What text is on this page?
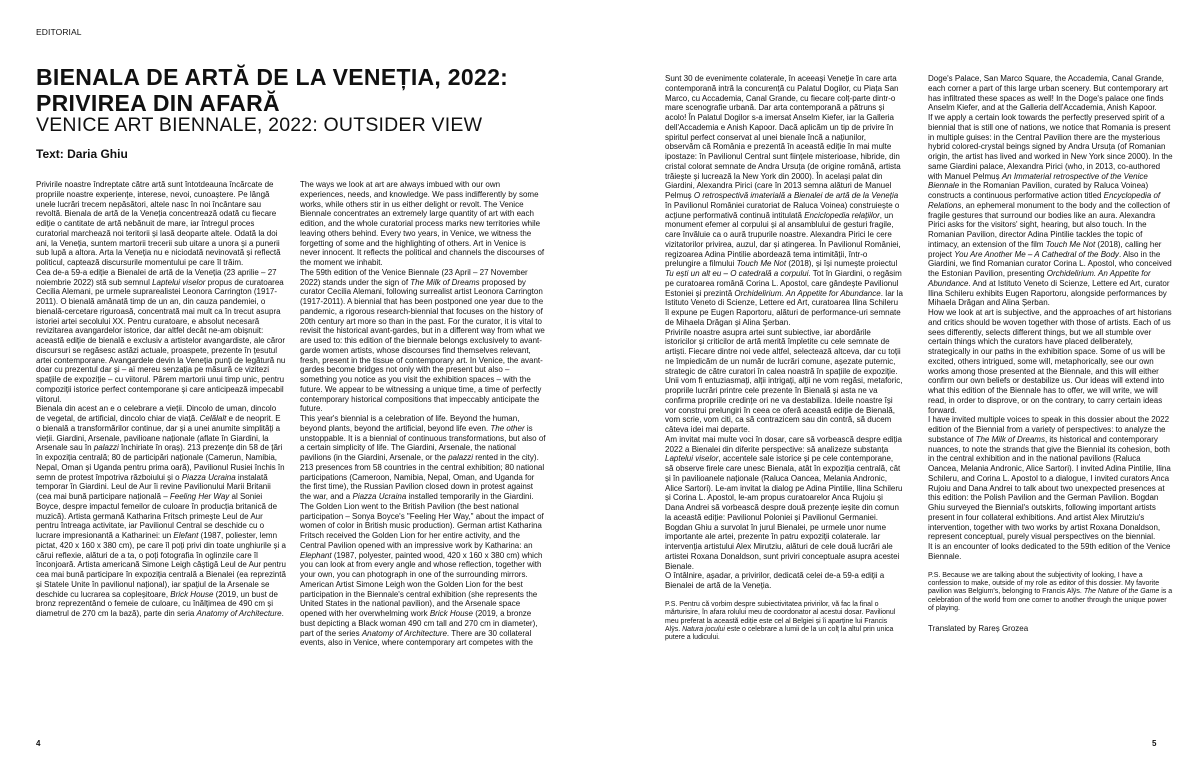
EDITORIAL
BIENALA DE ARTĂ DE LA VENEȚIA, 2022: PRIVIREA DIN AFARĂ
VENICE ART BIENNALE, 2022: OUTSIDER VIEW
Text: Daria Ghiu

Privirile noastre îndreptate către artă sunt întotdeauna încărcate de propriile noastre experiențe, interese, nevoi, cunoaștere. Pe lângă unele lucrări trecem nepăsători, altele nasc în noi încântare sau revoltă. Bienala de artă de la Veneția concentrează odată cu fiecare ediție o cantitate de artă nebănuit de mare, iar întregul proces curatorial marchează noi teritorii și lasă deoparte altele. Odată la doi ani, la Veneția, suntem martorii trecerii sub uitare a unora și a punerii sub lupă a altora. Arta la Veneția nu e niciodată nevinovată și reflectă politicul, captează discursurile momentului pe care îl trăim.

Cea de-a 59-a ediție a Bienalei de artă de la Veneția (23 aprilie – 27 noiembrie 2022) stă sub semnul Laptelui viselor propus de curatoarea Cecilia Alemani, pe urmele suprarealistei Leonora Carrington (1917-2011). O bienală amânată timp de un an, din cauza pandemiei, o bienală-cercetare riguroasă, concentrată mai mult ca în trecut asupra istoriei artei secolului XX. Pentru curatoare, e absolut necesară revizitarea avangardelor istorice, dar altfel decât ne-am obișnuit: această ediție de bienală e exclusiv a artistelor avangardiste, ale căror discursuri se regăsesc astăzi actuale, proaspete, prezente în țesutul artei contemporane. Avangardele devin la Veneția punți de legătură nu doar cu prezentul dar și – aï mereu senzația pe măsură ce vizitezi spațiile de expoziție – cu viitorul. Părem martorii unui timp unic, pentru compoziții istorice perfect contemporane și care anticipează impecabil viitorul.

Bienala din acest an e o celebrare a vieții. Dincolo de uman, dincolo de vegetal, de artificial, dincolo chiar de viață. Celălalt e de neoprit. E o bienală a transformărilor continue, dar și a unei anumite simplități a vieții. Giardini, Arsenale, pavilioane naționale (aflate în Giardini, la Arsenale sau în palazzi închiriate în oraș). 213 prezențe din 58 de țări în expoziția centrală; 80 de participări naționale (Camerun, Namibia, Nepal, Oman și Uganda pentru prima oară), Pavilionul Rusiei închis în semn de protest împotriva războiului și o Piazza Ucraina instalată temporar în Giardini. Leul de Aur îi revine Pavilionului Marii Britanii (cea mai bună participare națională – Feeling Her Way al Soniei Boyce, despre impactul femeilor de culoare în producția britanică de muzică). Artista germană Katharina Fritsch primește Leul de Aur pentru întreaga activitate, iar Pavilionul Central se deschide cu o lucrare impresionantă a Katharinei: un Elefant (1987, poliester, lemn pictat, 420 x 160 x 380 cm), pe care îl poți privi din toate unghiurile și a cărui reflexie, alături de a ta, o poți fotografia în oglinzile care îl înconjoară. Artista americană Simone Leigh câștigă Leul de Aur pentru cea mai bună participare în expoziția centrală a Bienalei (ea reprezintă și Statele Unite în pavilionul național), iar spațiul de la Arsenale se deschide cu lucrarea sa copleșitoare, Brick House (2019, un bust de bronz reprezentând o femeie de culoare, cu înălțimea de 490 cm și diametrul de 270 cm la bază), parte din seria Anatomy of Architecture.

The ways we look at art are always imbued with our own experiences, needs, and knowledge. We pass indifferently by some works, while others stir in us either delight or revolt. The Venice Biennale concentrates an extremely large quantity of art with each edition, and the whole curatorial process marks new territories while leaving others behind. Every two years, in Venice, we witness the forgetting of some and the highlighting of others. Art in Venice is never innocent. It reflects the political and channels the discourses of the moment we inhabit.

The 59th edition of the Venice Biennale (23 April – 27 November 2022) stands under the sign of The Milk of Dreams proposed by curator Cecilia Alemani, following surrealist artist Leonora Carrington (1917-2011). A biennial that has been postponed one year due to the pandemic, a rigorous research-biennial that focuses on the history of 20th century art more so than in the past. For the curator, it is vital to revisit the historical avant-gardes, but in a different way from what we are used to: this edition of the biennale belongs exclusively to avant-garde women artists, whose discourses find themselves relevant, fresh, present in the tissue of contemporary art. In Venice, the avant-gardes become bridges not only with the present but also – something you notice as you visit the exhibition spaces – with the future. We appear to be witnessing a unique time, a time of perfectly contemporary historical compositions that impeccably anticipate the future.

This year's biennial is a celebration of life. Beyond the human, beyond plants, beyond the artificial, beyond life even. The other is unstoppable. It is a biennial of continuous transformations, but also of a certain simplicity of life. The Giardini, Arsenale, the national pavilions (in the Giardini, Arsenale, or the palazzi rented in the city). 213 presences from 58 countries in the central exhibition; 80 national participations (Cameroon, Namibia, Nepal, Oman, and Uganda for the first time), the Russian Pavilion closed down in protest against the war, and a Piazza Ucraina installed temporarily in the Giardini. The Golden Lion went to the British Pavilion (the best national participation – Sonya Boyce's "Feeling Her Way," about the impact of women of color in British music production). German artist Katharina Fritsch received the Golden Lion for her entire activity, and the Central Pavilion opened with an impressive work by Katharina: an Elephant (1987, polyester, painted wood, 420 x 160 x 380 cm) which you can look at from every angle and whose reflection, together with your own, you can photograph in one of the surrounding mirrors. American Artist Simone Leigh won the Golden Lion for the best participation in the Biennale's central exhibition (she represents the United States in the national pavilion), and the Arsenale space opened with her overwhelming work Brick House (2019, a bronze bust depicting a Black woman 490 cm tall and 270 cm in diameter), part of the series Anatomy of Architecture. There are 30 collateral events, also in Venice, where contemporary art competes with the

4

Sunt 30 de evenimente colaterale, în aceeași Veneție în care arta contemporană intră la concurență cu Palatul Dogilor, cu Piața San Marco, cu Accademia, Canal Grande, cu fiecare colț-parte dintr-o mare scenografie urbană. Dar arta contemporană a pătruns și acolo! În Palatul Dogilor s-a imersat Anselm Kiefer, iar la Galleria dell'Accademia e Anish Kapoor. Dacă aplicăm un tip de privire în spiritul perfect conservat al unei bienale încă a națiunilor, observăm că România e prezentă în această ediție în mai multe ipostaze: în Pavilionul Central sunt ființele misterioase, hibride, din cristal colorat semnate de Andra Ursuța (de origine română, artista trăiește și lucrează la New York din 2000). În același palat din Giardini, Alexandra Pirici (care în 2013 semna alături de Manuel Pelmuș O retrospectivă imaterială a Bienalei de artă de la Veneția în Pavilionul României curatoriat de Raluca Voinea) construiește o acțiune performativă continuă intitulată Enciclopedia relațiilor, un monument efemer al corpului și al ansamblului de gesturi fragile, care învăluie ca o aură trupurile noastre. Alexandra Pirici le cere vizitatorilor privirea, auzul, dar și atingerea. În Pavilionul României, regizoarea Adina Pintilie abordează tema intimității, într-o prelungire a filmului Touch Me Not (2018), și își numește proiectul Tu ești un alt eu – O catedrală a corpului. Tot în Giardini, o regăsim pe curatoarea română Corina L. Apostol, care gândește Pavilionul Estoniei și prezintă Orchidelirium. An Appetite for Abundance. Iar la Istituto Veneto di Scienze, Lettere ed Art, curatoarea Ilina Schileru îl expune pe Eugen Raportoru, alături de performance-uri semnate de Mihaela Drăgan și Alina Șerban.

Privirile noastre asupra artei sunt subiective, iar abordările istoricilor și criticilor de artă merită împletite cu cele semnate de artiști. Fiecare dintre noi vede altfel, selectează altceva, dar cu toții ne împiedicăm de un număr de lucrări comune, așezate puternic, strategic de către curatori în calea noastră în spațiile de expoziție. Unii vom fi entuziasmați, alții intrigați, alții ne vom regăsi, metaforic, propriile lucrări printre cele prezente în Bienală și asta ne va confirma propriile credințe ori ne va destabiliza. Ideile noastre își vor construi prelungiri în ceea ce oferă această ediție de Bienală, vom scrie, vom citi, ca să contrazicem sau din contră, să ducem câteva idei mai departe.

Am invitat mai multe voci în dosar, care să vorbească despre ediția 2022 a Bienalei din diferite perspective: să analizeze substanța Laptelui viselor, accentele sale istorice și pe cele contemporane, să observe firele care unesc Bienala, atât în expoziția centrală, cât și în pavilioanele naționale (Raluca Oancea, Melania Andronic, Alice Sartori). Le-am invitat la dialog pe Adina Pintilie, Ilina Schileru și Corina L. Apostol, le-am propus curatoarelor Anca Rujoiu și Dana Andrei să vorbească despre două prezențe ieșite din comun la această ediție: Pavilionul Poloniei și Pavilionul Germaniei. Bogdan Ghiu a survolat în jurul Bienalei, pe urmele unor nume importante ale artei, prezente în patru expoziții colaterale. Iar intervenția artistului Alex Mirutziu, alături de cele două lucrări ale artistei Roxana Donaldson, sunt priviri conceptuale asupra acestei Bienale.

O întâlnire, așadar, a privirilor, dedicată celei de-a 59-a ediții a Bienalei de artă de la Veneția.

P.S. Pentru că vorbim despre subiectivitatea privirilor, vă fac la final o mărturisire, în afara rolului meu de coordonator al acestui dosar. Pavilionul meu preferat la această ediție este cel al Belgiei și îi aparține lui Francis Alÿs. Natura jocului este o celebrare a lumii de la un colț la altul prin unica putere a ludicului.

Doge's Palace, San Marco Square, the Accademia, Canal Grande, each corner a part of this large urban scenery. But contemporary art has infiltrated these spaces as well! In the Doge's palace one finds Anselm Kiefer, and at the Galleria dell'Accademia, Anish Kapoor.

If we apply a certain look towards the perfectly preserved spirit of a biennial that is still one of nations, we notice that Romania is present in multiple guises: in the Central Pavilion there are the mysterious hybrid colored-crystal beings signed by Andra Ursuța (of Romanian origin, the artist has lived and worked in New York since 2000). In the same Giardini palace, Alexandra Pirici (who, in 2013, co-authored with Manuel Pelmuș An Immaterial retrospective of the Venice Biennale in the Romanian Pavilion, curated by Raluca Voinea) constructs a continuous performative action titled Encyclopedia of Relations, an ephemeral monument to the body and the collection of fragile gestures that surround our bodies like an aura. Alexandra Pirici asks for the visitors' sight, hearing, but also touch. In the Romanian Pavilion, director Adina Pintilie tackles the topic of intimacy, an extension of the film Touch Me Not (2018), calling her project You Are Another Me – A Cathedral of the Body. Also in the Giardini, we find Romanian curator Corina L. Apostol, who conceived the Estonian Pavilion, presenting Orchidelirium. An Appetite for Abundance. And at Istituto Veneto di Scienze, Lettere ed Art, curator Ilina Schileru exhibits Eugen Raportoru, alongside performances by Mihaela Drăgan and Alina Șerban.

How we look at art is subjective, and the approaches of art historians and critics should be woven together with those of artists. Each of us sees differently, selects different things, but we all stumble over certain things which the curators have placed deliberately, strategically in our paths in the exhibition space. Some of us will be excited, others intrigued, some will, metaphorically, see our own works among those presented at the Biennale, and this will either confirm our own beliefs or destabilize us. Our ideas will extend into what this edition of the Biennale has to offer, we will write, we will read, in order to disprove, or on the contrary, to carry certain ideas forward.

I have invited multiple voices to speak in this dossier about the 2022 edition of the Biennial from a variety of perspectives: to analyze the substance of The Milk of Dreams, its historical and contemporary nuances, to note the strands that give the Biennial its cohesion, both in the central exhibition and in the national pavilions (Raluca Oancea, Melania Andronic, Alice Sartori). I invited Adina Pintilie, Ilina Schileru, and Corina L. Apostol to a dialogue, I invited curators Anca Rujoiu and Dana Andrei to talk about two unexpected presences at this edition: the Polish Pavilion and the German Pavilion. Bogdan Ghiu surveyed the Biennial's outskirts, following important artists present in four collateral exhibitions. And artist Alex Mirutziu's intervention, together with two works by artist Roxana Donaldson, represent conceptual, purely visual perspectives on the biennial.

It is an encounter of looks dedicated to the 59th edition of the Venice Biennale.

P.S. Because we are talking about the subjectivity of looking, I have a confession to make, outside of my role as editor of this dossier. My favorite pavilion was Belgium's, belonging to Francis Alÿs. The Nature of the Game is a celebration of the world from one corner to another through the unique power of playing.

Translated by Rareș Grozea

5
